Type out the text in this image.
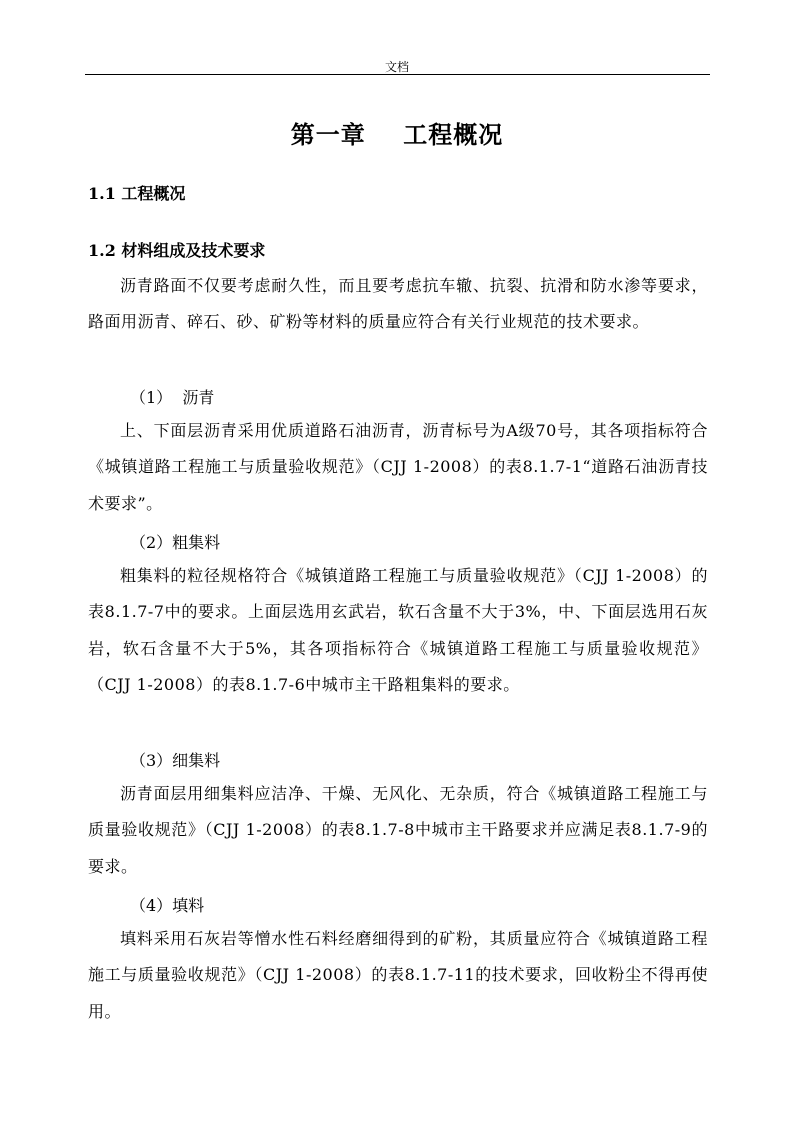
文档
第一章    工程概况
1.1 工程概况
1.2 材料组成及技术要求

沥青路面不仅要考虑耐久性，而且要考虑抗车辙、抗裂、抗滑和防水渗等要求，路面用沥青、碎石、砂、矿粉等材料的质量应符合有关行业规范的技术要求。

（1）  沥青

上、下面层沥青采用优质道路石油沥青，沥青标号为A级70号，其各项指标符合《城镇道路工程施工与质量验收规范》（CJJ 1-2008）的表8.1.7-1“道路石油沥青技术要求”。

（2）粗集料

粗集料的粒径规格符合《城镇道路工程施工与质量验收规范》（CJJ 1-2008）的表8.1.7-7中的要求。上面层选用玄武岩，软石含量不大于3%，中、下面层选用石灰岩，软石含量不大于5%，其各项指标符合《城镇道路工程施工与质量验收规范》（CJJ 1-2008）的表8.1.7-6中城市主干路粗集料的要求。

（3）细集料

沥青面层用细集料应洁净、干燥、无风化、无杂质，符合《城镇道路工程施工与质量验收规范》（CJJ 1-2008）的表8.1.7-8中城市主干路要求并应满足表8.1.7-9的要求。

（4）填料

填料采用石灰岩等憎水性石料经磨细得到的矿粉，其质量应符合《城镇道路工程施工与质量验收规范》（CJJ 1-2008）的表8.1.7-11的技术要求，回收粉尘不得再使用。
